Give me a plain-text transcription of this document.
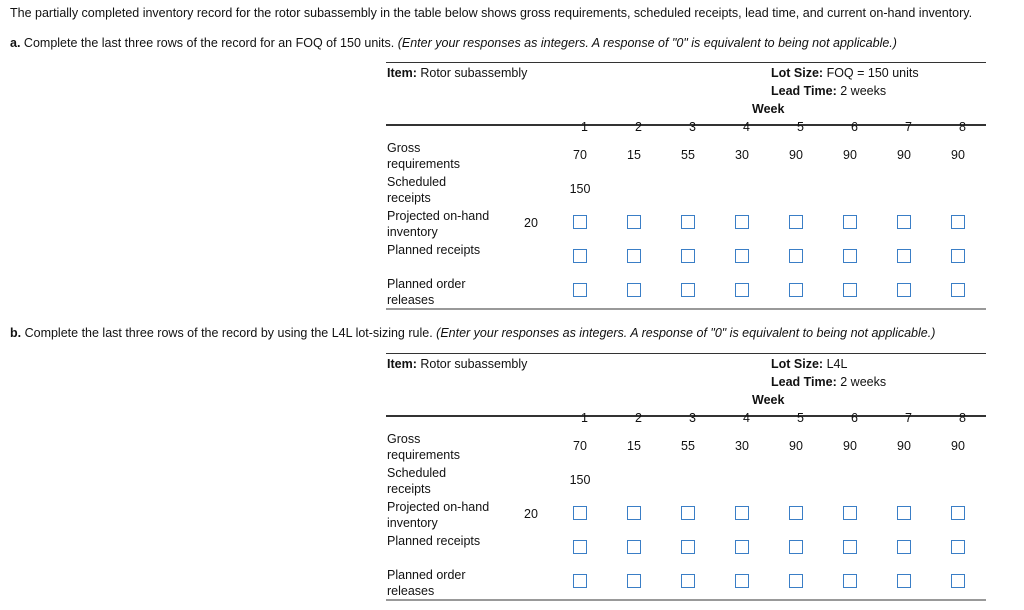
The partially completed inventory record for the rotor subassembly in the table below shows gross requirements, scheduled receipts, lead time, and current on-hand inventory.
a. Complete the last three rows of the record for an FOQ of 150 units. (Enter your responses as integers. A response of "0" is equivalent to being not applicable.)
Item: Rotor subassembly	Lot Size: FOQ = 150 units
Lead Time: 2 weeks
Week
Gross requirements
Scheduled receipts
Projected on-hand inventory
Planned receipts
Planned order releases
20
1
70
150
2
15
3
55
4
30
5
90
6
90
7
90
8
90
b. Complete the last three rows of the record by using the L4L lot-sizing rule. (Enter your responses as integers. A response of "0" is equivalent to being not applicable.)
Item: Rotor subassembly	Lot Size: L4L
Lead Time: 2 weeks
Week
Gross requirements
Scheduled receipts
Projected on-hand inventory
Planned receipts
Planned order releases
20
1
70
150
2
15
3
55
4
30
5
90
6
90
7
90
8
90
